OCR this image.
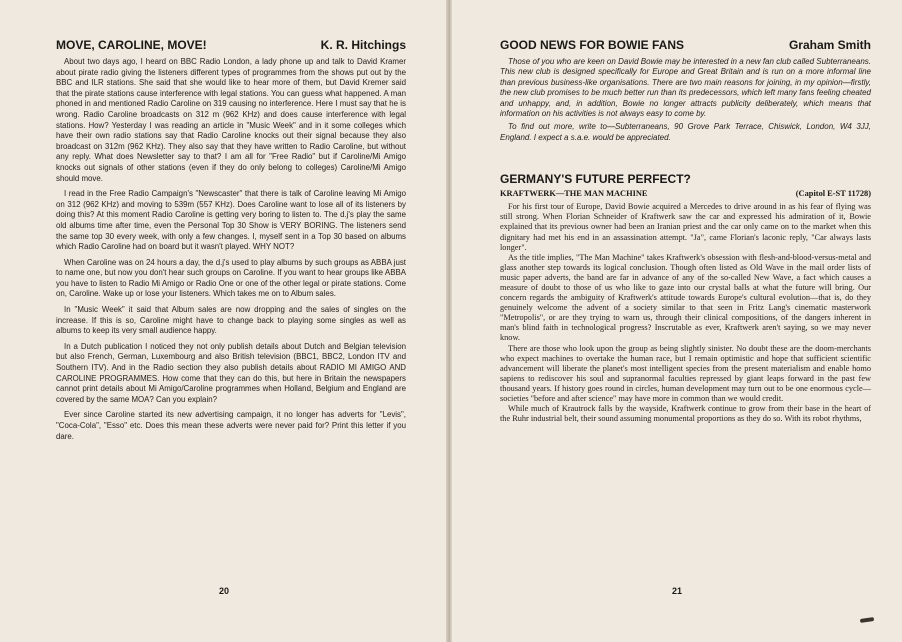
MOVE, CAROLINE, MOVE!	K. R. Hitchings

About two days ago, I heard on BBC Radio London, a lady phone up and talk to David Kramer about pirate radio giving the listeners different types of programmes from the shows put out by the BBC and ILR stations. She said that she would like to hear more of them, but David Kremer said that the pirate stations cause interference with legal stations. You can guess what happened. A man phoned in and mentioned Radio Caroline on 319 causing no interference. Here I must say that he is wrong. Radio Caroline broadcasts on 312 m (962 KHz) and does cause interference with legal stations. How? Yesterday I was reading an article in "Music Week" and in it some colleges which have their own radio stations say that Radio Caroline knocks out their signal because they also broadcast on 312m (962 KHz). They also say that they have written to Radio Caroline, but without any reply. What does Newsletter say to that? I am all for "Free Radio" but if Caroline/Mi Amigo knocks out signals of other stations (even if they do only belong to colleges) Caroline/Mi Amigo should move.

I read in the Free Radio Campaign's "Newscaster" that there is talk of Caroline leaving Mi Amigo on 312 (962 KHz) and moving to 539m (557 KHz). Does Caroline want to lose all of its listeners by doing this? At this moment Radio Caroline is getting very boring to listen to. The d.j's play the same old albums time after time, even the Personal Top 30 Show is VERY BORING. The listeners send the same top 30 every week, with only a few changes. I, myself sent in a Top 30 based on albums which Radio Caroline had on board but it wasn't played. WHY NOT?

When Caroline was on 24 hours a day, the d.j's used to play albums by such groups as ABBA just to name one, but now you don't hear such groups on Caroline. If you want to hear groups like ABBA you have to listen to Radio Mi Amigo or Radio One or one of the other legal or pirate stations. Come on, Caroline. Wake up or lose your listeners. Which takes me on to Album sales.

In "Music Week" it said that Album sales are now dropping and the sales of singles on the increase. If this is so, Caroline might have to change back to playing some singles as well as albums to keep its very small audience happy.

In a Dutch publication I noticed they not only publish details about Dutch and Belgian television but also French, German, Luxembourg and also British television (BBC1, BBC2, London ITV and Southern ITV). And in the Radio section they also publish details about RADIO MI AMIGO AND CAROLINE PROGRAMMES. How come that they can do this, but here in Britain the newspapers cannot print details about Mi Amigo/Caroline programmes when Holland, Belgium and England are covered by the same MOA? Can you explain?

Ever since Caroline started its new advertising campaign, it no longer has adverts for "Levis", "Coca-Cola", "Esso" etc. Does this mean these adverts were never paid for? Print this letter if you dare.

20
GOOD NEWS FOR BOWIE FANS	Graham Smith

Those of you who are keen on David Bowie may be interested in a new fan club called Subterraneans. This new club is designed specifically for Europe and Great Britain and is run on a more informal line than previous business-like organisations. There are two main reasons for joining, in my opinion—firstly, the new club promises to be much better run than its predecessors, which left many fans feeling cheated and unhappy, and, in addition, Bowie no longer attracts publicity deliberately, which means that information on his activities is not always easy to come by.

To find out more, write to—Subterraneans, 90 Grove Park Terrace, Chiswick, London, W4 3JJ, England. I expect a s.a.e. would be appreciated.

GERMANY'S FUTURE PERFECT?
KRAFTWERK—THE MAN MACHINE	(Capitol E-ST 11728)

For his first tour of Europe, David Bowie acquired a Mercedes to drive around in as his fear of flying was still strong. When Florian Schneider of Kraftwerk saw the car and expressed his admiration of it, Bowie explained that its previous owner had been an Iranian priest and the car only came on to the market when this dignitary had met his end in an assassination attempt. "Ja", came Florian's laconic reply, "Car always lasts longer".

As the title implies, "The Man Machine" takes Kraftwerk's obsession with flesh-and-blood-versus-metal and glass another step towards its logical conclusion. Though often listed as Old Wave in the mail order lists of music paper adverts, the band are far in advance of any of the so-called New Wave, a fact which causes a measure of doubt to those of us who like to gaze into our crystal balls at what the future will bring. Our concern regards the ambiguity of Kraftwerk's attitude towards Europe's cultural evolution—that is, do they genuinely welcome the advent of a society similar to that seen in Fritz Lang's cinematic masterwork "Metropolis", or are they trying to warn us, through their clinical compositions, of the dangers inherent in man's blind faith in technological progress? Inscrutable as ever, Kraftwerk aren't saying, so we may never know.

There are those who look upon the group as being slightly sinister. No doubt these are the doom-merchants who expect machines to overtake the human race, but I remain optimistic and hope that sufficient scientific advancement will liberate the planet's most intelligent species from the present materialism and enable homo sapiens to rediscover his soul and supranormal faculties repressed by giant leaps forward in the past few thousand years. If history goes round in circles, human development may turn out to be one enormous cycle—societies "before and after science" may have more in common than we would credit.

While much of Krautrock falls by the wayside, Kraftwerk continue to grow from their base in the heart of the Ruhr industrial belt, their sound assuming monumental proportions as they do so. With its robot rhythms,

21
